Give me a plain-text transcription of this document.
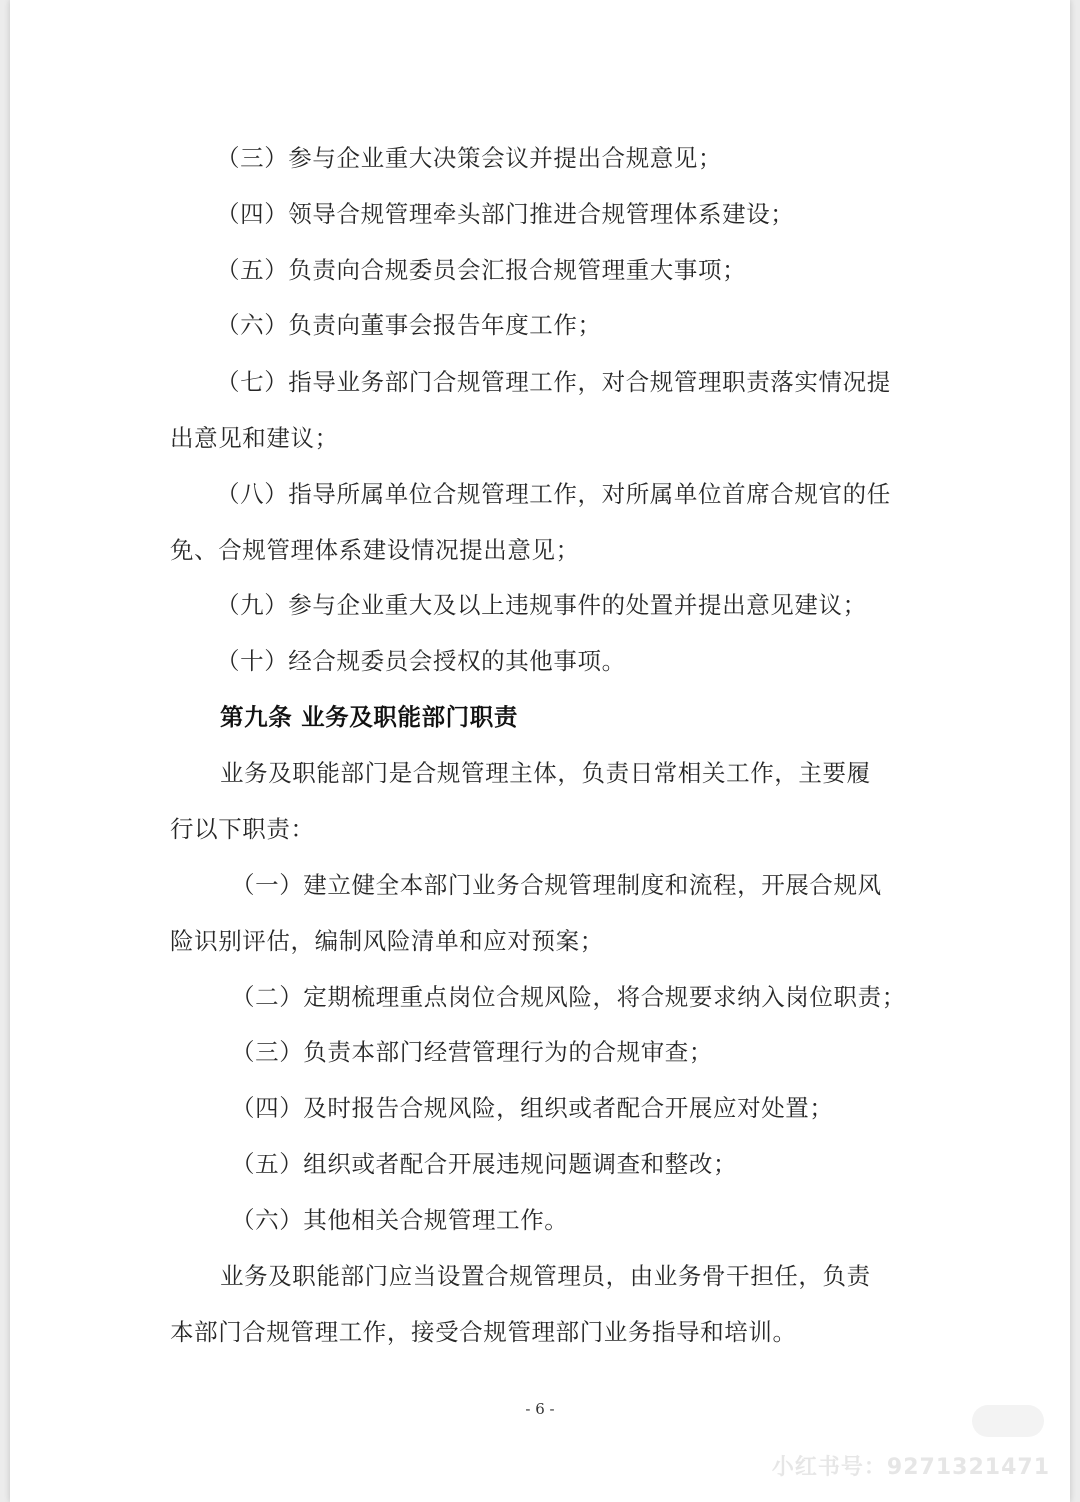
（三）参与企业重大决策会议并提出合规意见；
（四）领导合规管理牵头部门推进合规管理体系建设；
（五）负责向合规委员会汇报合规管理重大事项；
（六）负责向董事会报告年度工作；
（七）指导业务部门合规管理工作，对合规管理职责落实情况提
出意见和建议；
（八）指导所属单位合规管理工作，对所属单位首席合规官的任
免、合规管理体系建设情况提出意见；
（九）参与企业重大及以上违规事件的处置并提出意见建议；
（十）经合规委员会授权的其他事项。
第九条 业务及职能部门职责
业务及职能部门是合规管理主体，负责日常相关工作，主要履
行以下职责：
（一）建立健全本部门业务合规管理制度和流程，开展合规风
险识别评估，编制风险清单和应对预案；
（二）定期梳理重点岗位合规风险，将合规要求纳入岗位职责；
（三）负责本部门经营管理行为的合规审查；
（四）及时报告合规风险，组织或者配合开展应对处置；
（五）组织或者配合开展违规问题调查和整改；
（六）其他相关合规管理工作。
业务及职能部门应当设置合规管理员，由业务骨干担任，负责
本部门合规管理工作，接受合规管理部门业务指导和培训。
- 6 -
小红书号：9271321471
